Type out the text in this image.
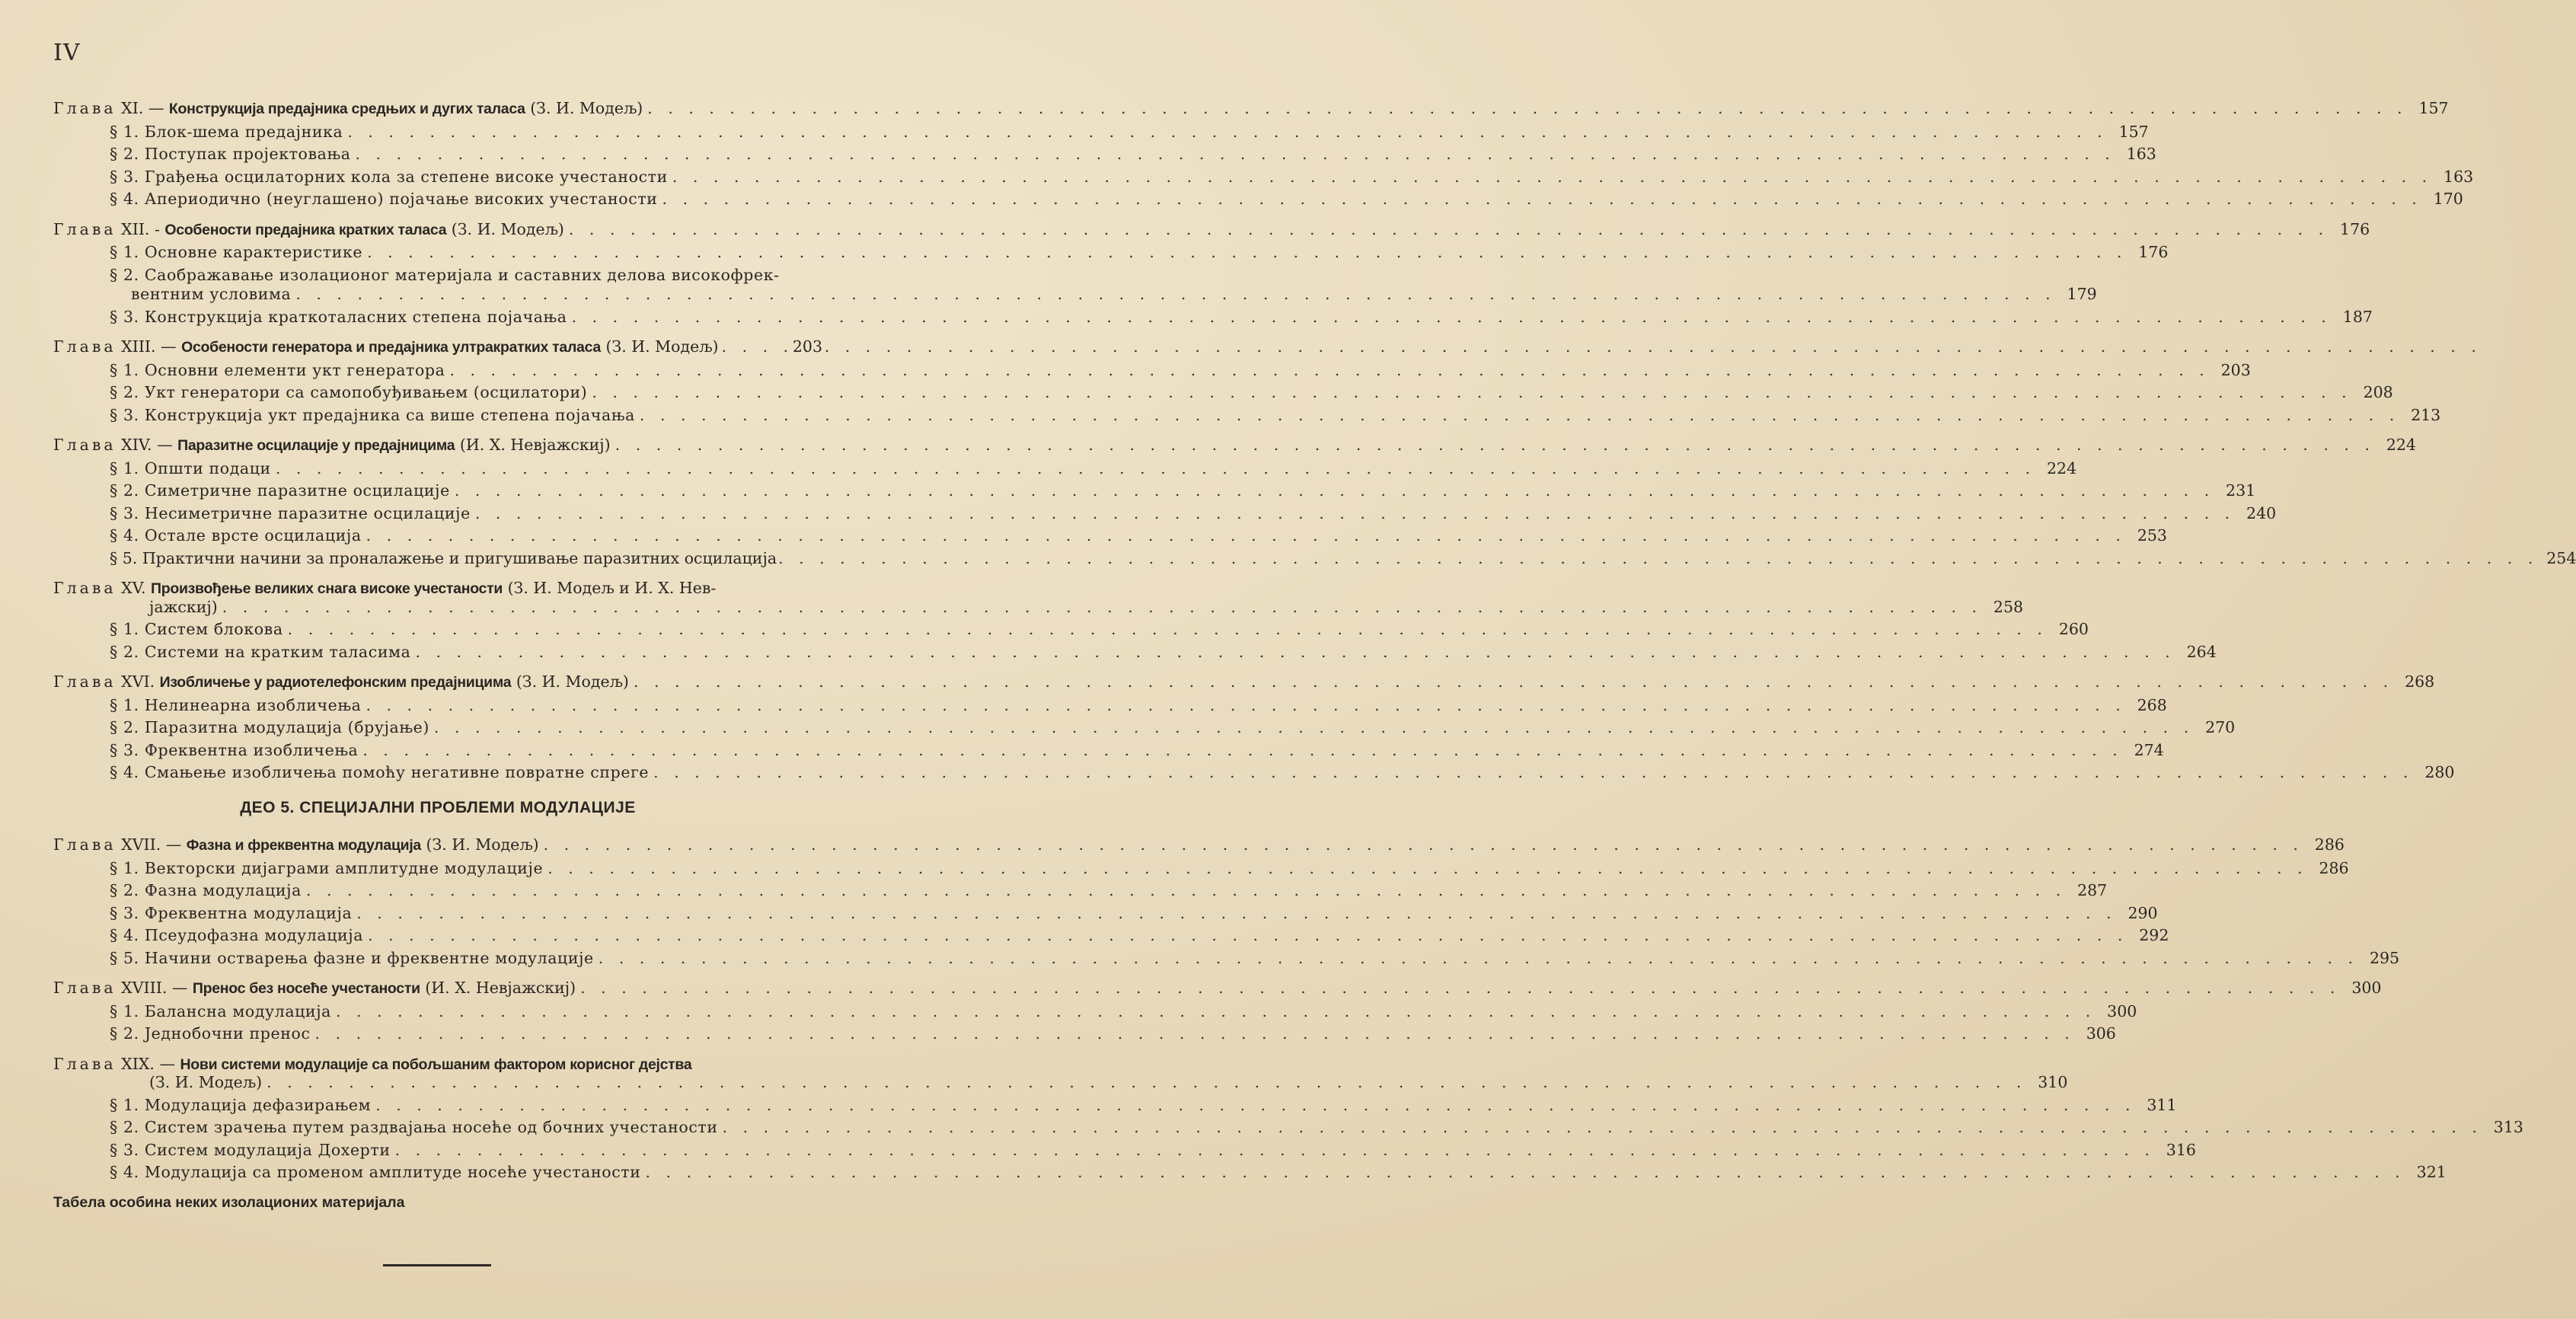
IV
Глава XI. — Конструкција предајника средњих и дугих таласа (З. И. Модељ) . . .	157
§ 1. Блок-шема предајника . . .	157
§ 2. Поступак пројектовања . . .	163
§ 3. Грађења осцилаторних кола за степене високе учестаности . . .	163
§ 4. Апериодично (неуглашено) појачање високих учестаности . . .	170
Глава XII. - Особености предајника кратких таласа (З. И. Модељ) . . .	176
§ 1. Основне карактеристике . . .	176
§ 2. Саображавање изолационог материјала и саставних делова високофрек-
вентним условима . . .	179
§ 3. Конструкција краткоталасних степена појачања . . .	187
Глава XIII. — Особености генератора и предајника ултракратких таласа (З. И. Модељ) . . .	203
§ 1. Основни елементи укт генератора . . .	203
§ 2. Укт генератори са самопобуђивањем (осцилатори) . . .	208
§ 3. Конструкција укт предајника са више степена појачања . . .	213
Глава XIV. — Паразитне осцилације у предајницима (И. Х. Невјажскиј) . . .	224
§ 1. Општи подаци . . .	224
§ 2. Симетричне паразитне осцилације . . .	231
§ 3. Несиметричне паразитне осцилације . . .	240
§ 4. Остале врсте осцилација . . .	253
§ 5. Практични начини за проналажење и пригушивање паразитних осцилација . . .	254
Глава XV. Произвођење великих снага високе учестаности (З. И. Модељ и И. Х. Нев-
јажскиј) . . .	258
§ 1. Систем блокова . . .	260
§ 2. Системи на кратким таласима . . .	264
Глава XVI. Изобличење у радиотелефонским предајницима (З. И. Модељ) . . .	268
§ 1. Нелинеарна изобличења . . .	268
§ 2. Паразитна модулација (брујање) . . .	270
§ 3. Фреквентна изобличења . . .	274
§ 4. Смањење изобличења помоћу негативне повратне спреге . . .	280
ДЕО 5. СПЕЦИЈАЛНИ ПРОБЛЕМИ МОДУЛАЦИЈЕ
Глава XVII. — Фазна и фреквентна модулација (З. И. Модељ) . . .	286
§ 1. Векторски дијаграми амплитудне модулације . . .	286
§ 2. Фазна модулација . . .	287
§ 3. Фреквентна модулација . . .	290
§ 4. Псеудофазна модулација . . .	292
§ 5. Начини остварења фазне и фреквентне модулације . . .	295
Глава XVIII. — Пренос без носеће учестаности (И. Х. Невјажскиј) . . .	300
§ 1. Балансна модулација . . .	300
§ 2. Једнобочни пренос . . .	306
Глава XIX. — Нови системи модулације са побољшаним фактором корисног дејства
(З. И. Модељ) . . .	310
§ 1. Модулација дефазирањем . . .	311
§ 2. Систем зрачења путем раздвајања носеће од бочних учестаности . . .	313
§ 3. Систем модулација Дохерти . . .	316
§ 4. Модулација са променом амплитуде носеће учестаности . . .	321
Табела особина неких изолационих материјала
